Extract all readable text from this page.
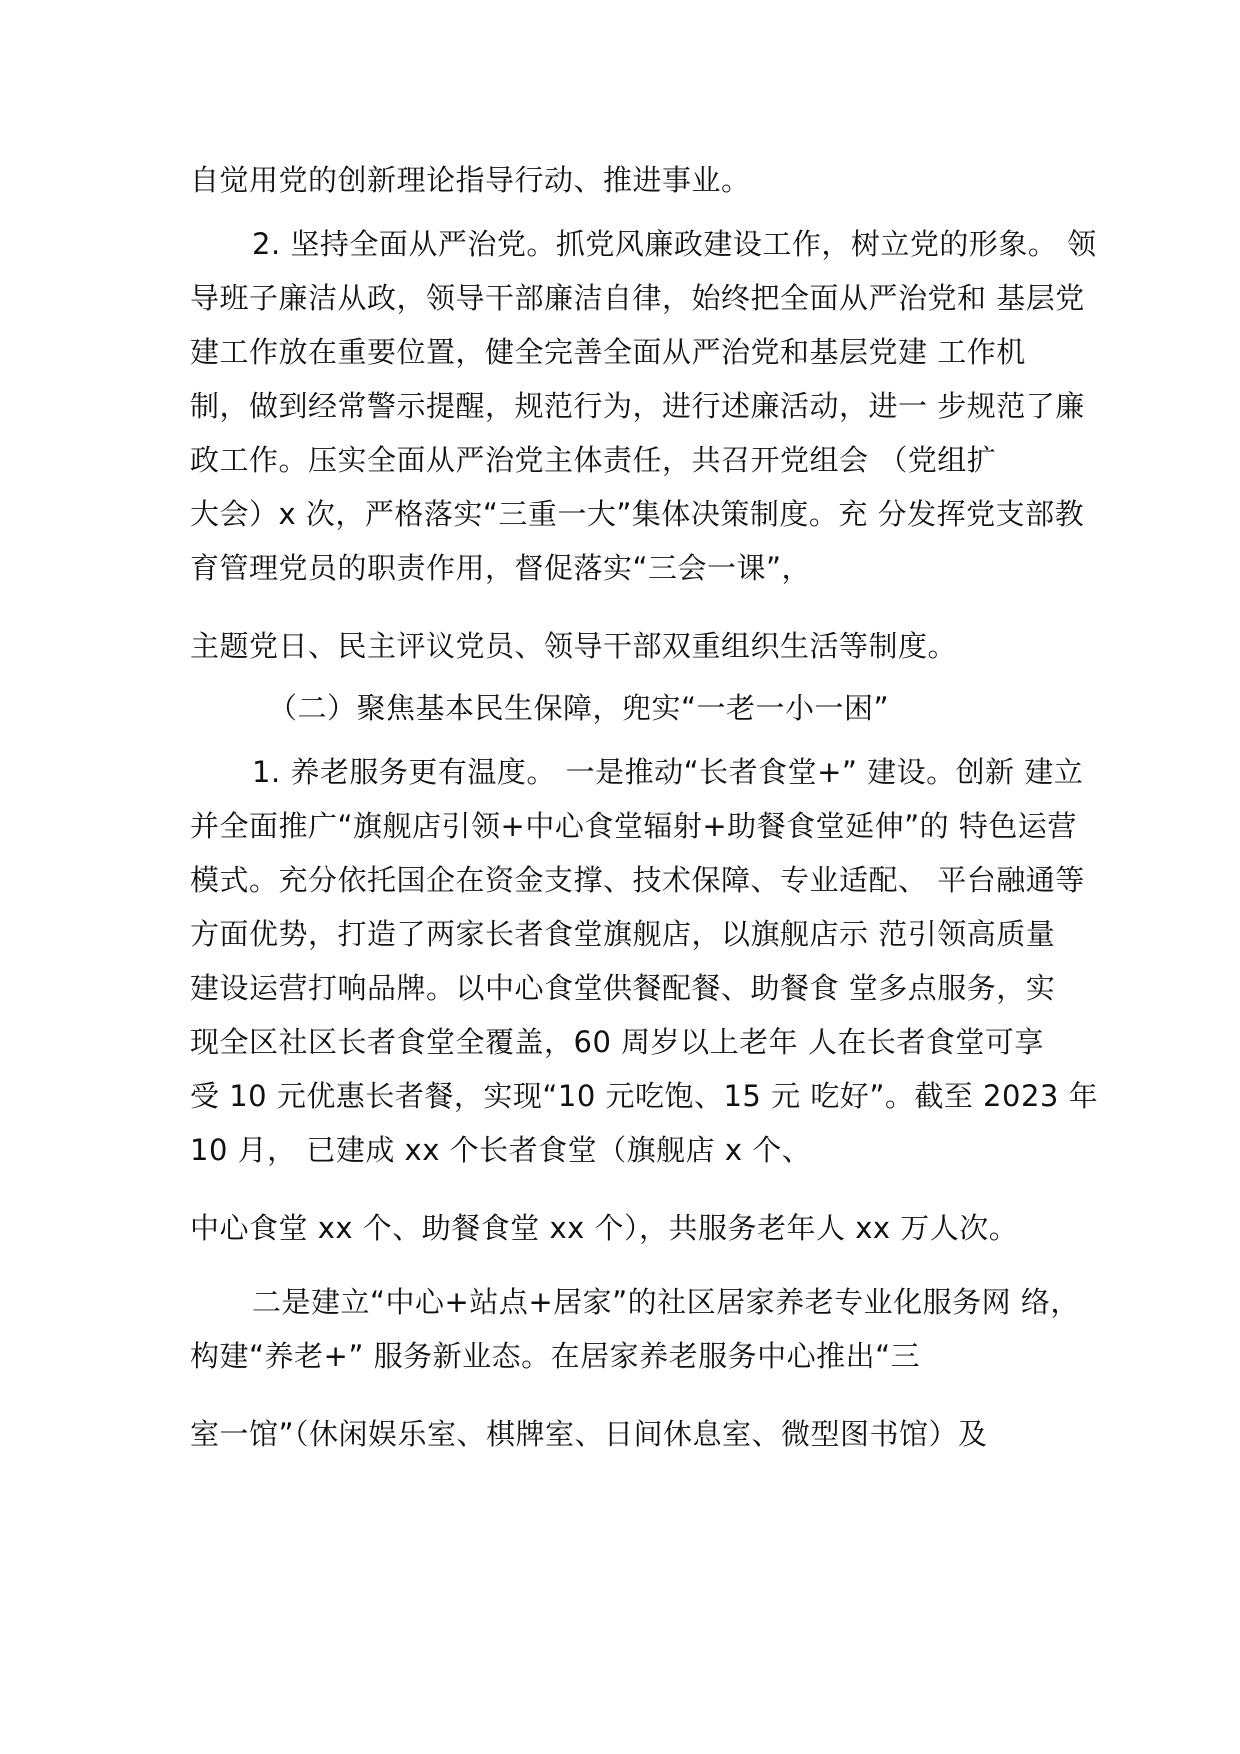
自觉用党的创新理论指导行动、推进事业。
2. 坚持全面从严治党。抓党风廉政建设工作，树立党的形象。 领
导班子廉洁从政，领导干部廉洁自律，始终把全面从严治党和 基层党
建工作放在重要位置，健全完善全面从严治党和基层党建 工作机
制，做到经常警示提醒，规范行为，进行述廉活动，进一 步规范了廉
政工作。压实全面从严治党主体责任，共召开党组会 （党组扩
大会）x 次，严格落实“三重一大”集体决策制度。充 分发挥党支部教
育管理党员的职责作用，督促落实“三会一课”，
主题党日、民主评议党员、领导干部双重组织生活等制度。
（二）聚焦基本民生保障，兜实“一老一小一困”
1. 养老服务更有温度。 一是推动“长者食堂+” 建设。创新 建立
并全面推广“旗舰店引领+中心食堂辐射+助餐食堂延伸”的 特色运营
模式。充分依托国企在资金支撑、技术保障、专业适配、 平台融通等
方面优势，打造了两家长者食堂旗舰店，以旗舰店示 范引领高质量
建设运营打响品牌。以中心食堂供餐配餐、助餐食 堂多点服务，实
现全区社区长者食堂全覆盖，60 周岁以上老年 人在长者食堂可享
受 10 元优惠长者餐，实现“10 元吃饱、15 元 吃好”。截至 2023 年
10 月， 已建成 xx 个长者食堂（旗舰店 x 个、
中心食堂 xx 个、助餐食堂 xx 个），共服务老年人 xx 万人次。
二是建立“中心+站点+居家”的社区居家养老专业化服务网 络，
构建“养老+” 服务新业态。在居家养老服务中心推出“三
室一馆”（休闲娱乐室、棋牌室、日间休息室、微型图书馆）及
